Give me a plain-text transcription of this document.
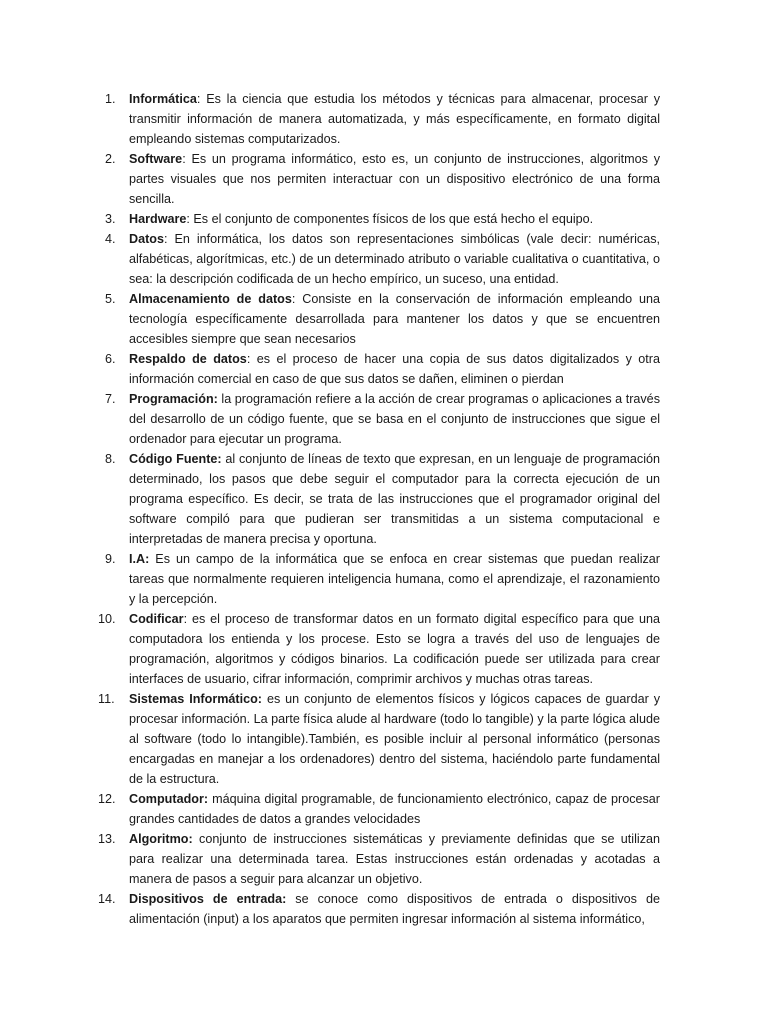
1. Informática: Es la ciencia que estudia los métodos y técnicas para almacenar, procesar y transmitir información de manera automatizada, y más específicamente, en formato digital empleando sistemas computarizados.
2. Software: Es un programa informático, esto es, un conjunto de instrucciones, algoritmos y partes visuales que nos permiten interactuar con un dispositivo electrónico de una forma sencilla.
3. Hardware: Es el conjunto de componentes físicos de los que está hecho el equipo.
4. Datos: En informática, los datos son representaciones simbólicas (vale decir: numéricas, alfabéticas, algorítmicas, etc.) de un determinado atributo o variable cualitativa o cuantitativa, o sea: la descripción codificada de un hecho empírico, un suceso, una entidad.
5. Almacenamiento de datos: Consiste en la conservación de información empleando una tecnología específicamente desarrollada para mantener los datos y que se encuentren accesibles siempre que sean necesarios
6. Respaldo de datos: es el proceso de hacer una copia de sus datos digitalizados y otra información comercial en caso de que sus datos se dañen, eliminen o pierdan
7. Programación: la programación refiere a la acción de crear programas o aplicaciones a través del desarrollo de un código fuente, que se basa en el conjunto de instrucciones que sigue el ordenador para ejecutar un programa.
8. Código Fuente: al conjunto de líneas de texto que expresan, en un lenguaje de programación determinado, los pasos que debe seguir el computador para la correcta ejecución de un programa específico. Es decir, se trata de las instrucciones que el programador original del software compiló para que pudieran ser transmitidas a un sistema computacional e interpretadas de manera precisa y oportuna.
9. I.A: Es un campo de la informática que se enfoca en crear sistemas que puedan realizar tareas que normalmente requieren inteligencia humana, como el aprendizaje, el razonamiento y la percepción.
10. Codificar: es el proceso de transformar datos en un formato digital específico para que una computadora los entienda y los procese. Esto se logra a través del uso de lenguajes de programación, algoritmos y códigos binarios. La codificación puede ser utilizada para crear interfaces de usuario, cifrar información, comprimir archivos y muchas otras tareas.
11. Sistemas Informático: es un conjunto de elementos físicos y lógicos capaces de guardar y procesar información. La parte física alude al hardware (todo lo tangible) y la parte lógica alude al software (todo lo intangible).También, es posible incluir al personal informático (personas encargadas en manejar a los ordenadores) dentro del sistema, haciéndolo parte fundamental de la estructura.
12. Computador: máquina digital programable, de funcionamiento electrónico, capaz de procesar grandes cantidades de datos a grandes velocidades
13. Algoritmo: conjunto de instrucciones sistemáticas y previamente definidas que se utilizan para realizar una determinada tarea. Estas instrucciones están ordenadas y acotadas a manera de pasos a seguir para alcanzar un objetivo.
14. Dispositivos de entrada: se conoce como dispositivos de entrada o dispositivos de alimentación (input) a los aparatos que permiten ingresar información al sistema informático,
